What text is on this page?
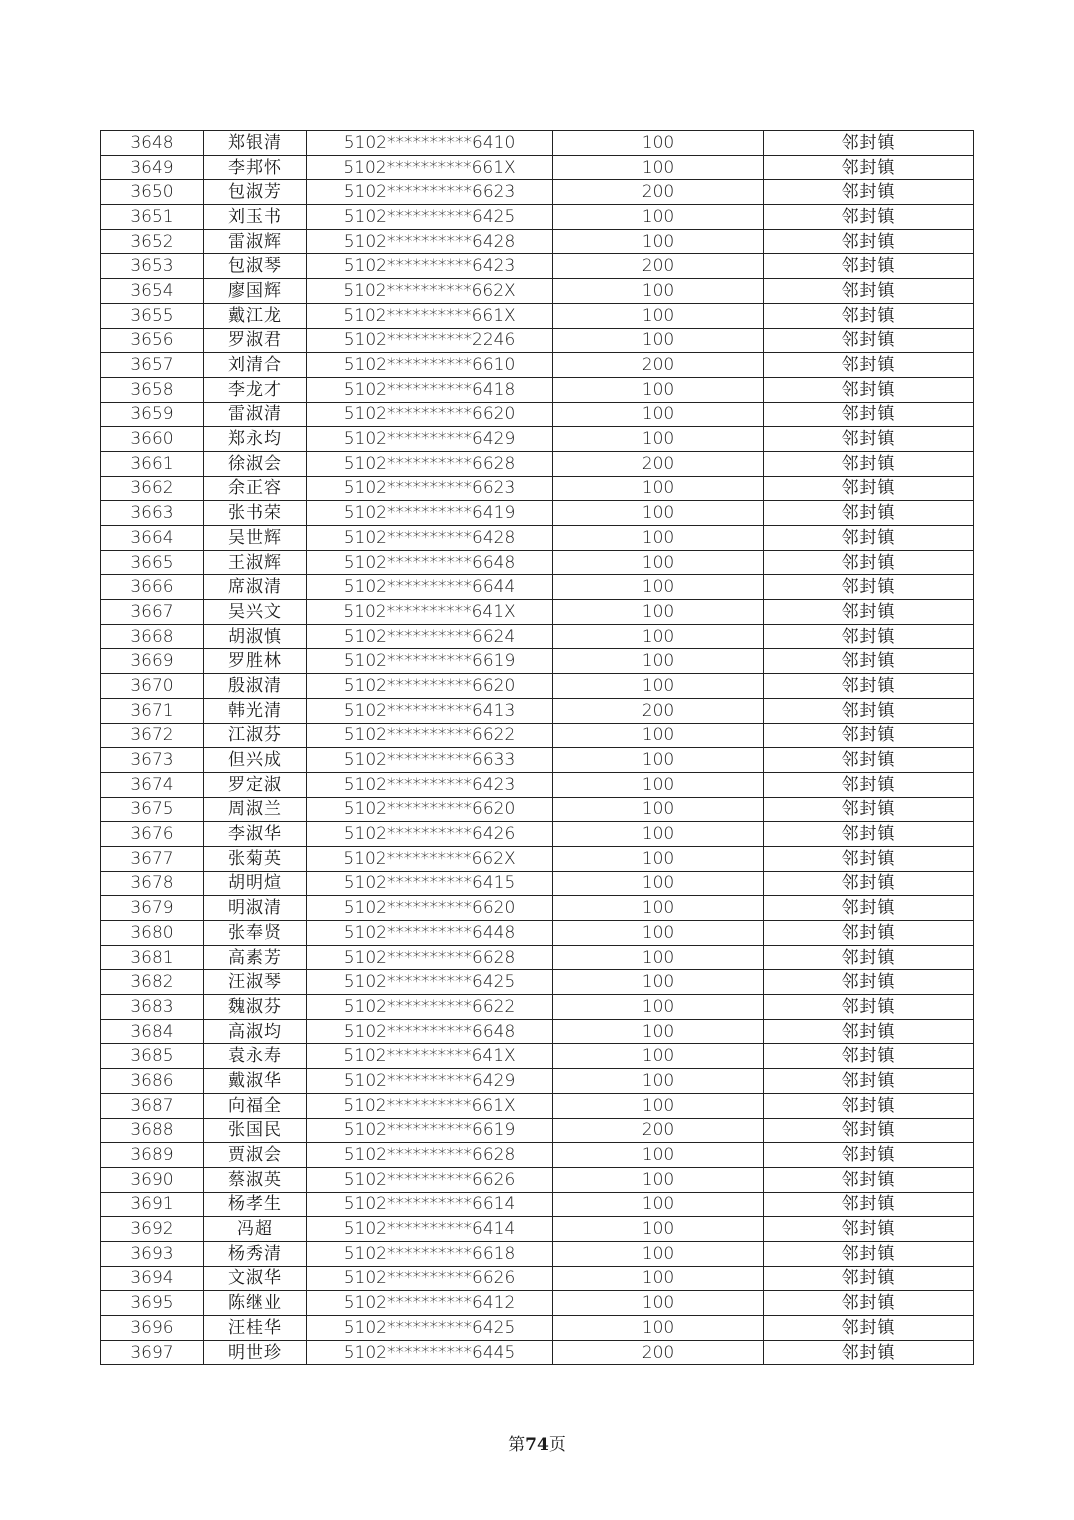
3648	郑银清	5102**********6410	100	邻封镇
3649	李邦怀	5102**********661X	100	邻封镇
3650	包淑芳	5102**********6623	200	邻封镇
3651	刘玉书	5102**********6425	100	邻封镇
3652	雷淑辉	5102**********6428	100	邻封镇
3653	包淑琴	5102**********6423	200	邻封镇
3654	廖国辉	5102**********662X	100	邻封镇
3655	戴江龙	5102**********661X	100	邻封镇
3656	罗淑君	5102**********2246	100	邻封镇
3657	刘清合	5102**********6610	200	邻封镇
3658	李龙才	5102**********6418	100	邻封镇
3659	雷淑清	5102**********6620	100	邻封镇
3660	郑永均	5102**********6429	100	邻封镇
3661	徐淑会	5102**********6628	200	邻封镇
3662	余正容	5102**********6623	100	邻封镇
3663	张书荣	5102**********6419	100	邻封镇
3664	吴世辉	5102**********6428	100	邻封镇
3665	王淑辉	5102**********6648	100	邻封镇
3666	席淑清	5102**********6644	100	邻封镇
3667	吴兴文	5102**********641X	100	邻封镇
3668	胡淑慎	5102**********6624	100	邻封镇
3669	罗胜林	5102**********6619	100	邻封镇
3670	殷淑清	5102**********6620	100	邻封镇
3671	韩光清	5102**********6413	200	邻封镇
3672	江淑芬	5102**********6622	100	邻封镇
3673	但兴成	5102**********6633	100	邻封镇
3674	罗定淑	5102**********6423	100	邻封镇
3675	周淑兰	5102**********6620	100	邻封镇
3676	李淑华	5102**********6426	100	邻封镇
3677	张菊英	5102**********662X	100	邻封镇
3678	胡明煊	5102**********6415	100	邻封镇
3679	明淑清	5102**********6620	100	邻封镇
3680	张奉贤	5102**********6448	100	邻封镇
3681	高素芳	5102**********6628	100	邻封镇
3682	汪淑琴	5102**********6425	100	邻封镇
3683	魏淑芬	5102**********6622	100	邻封镇
3684	高淑均	5102**********6648	100	邻封镇
3685	袁永寿	5102**********641X	100	邻封镇
3686	戴淑华	5102**********6429	100	邻封镇
3687	向福全	5102**********661X	100	邻封镇
3688	张国民	5102**********6619	200	邻封镇
3689	贾淑会	5102**********6628	100	邻封镇
3690	蔡淑英	5102**********6626	100	邻封镇
3691	杨孝生	5102**********6614	100	邻封镇
3692	冯超	5102**********6414	100	邻封镇
3693	杨秀清	5102**********6618	100	邻封镇
3694	文淑华	5102**********6626	100	邻封镇
3695	陈继业	5102**********6412	100	邻封镇
3696	汪桂华	5102**********6425	100	邻封镇
3697	明世珍	5102**********6445	200	邻封镇
第74页
